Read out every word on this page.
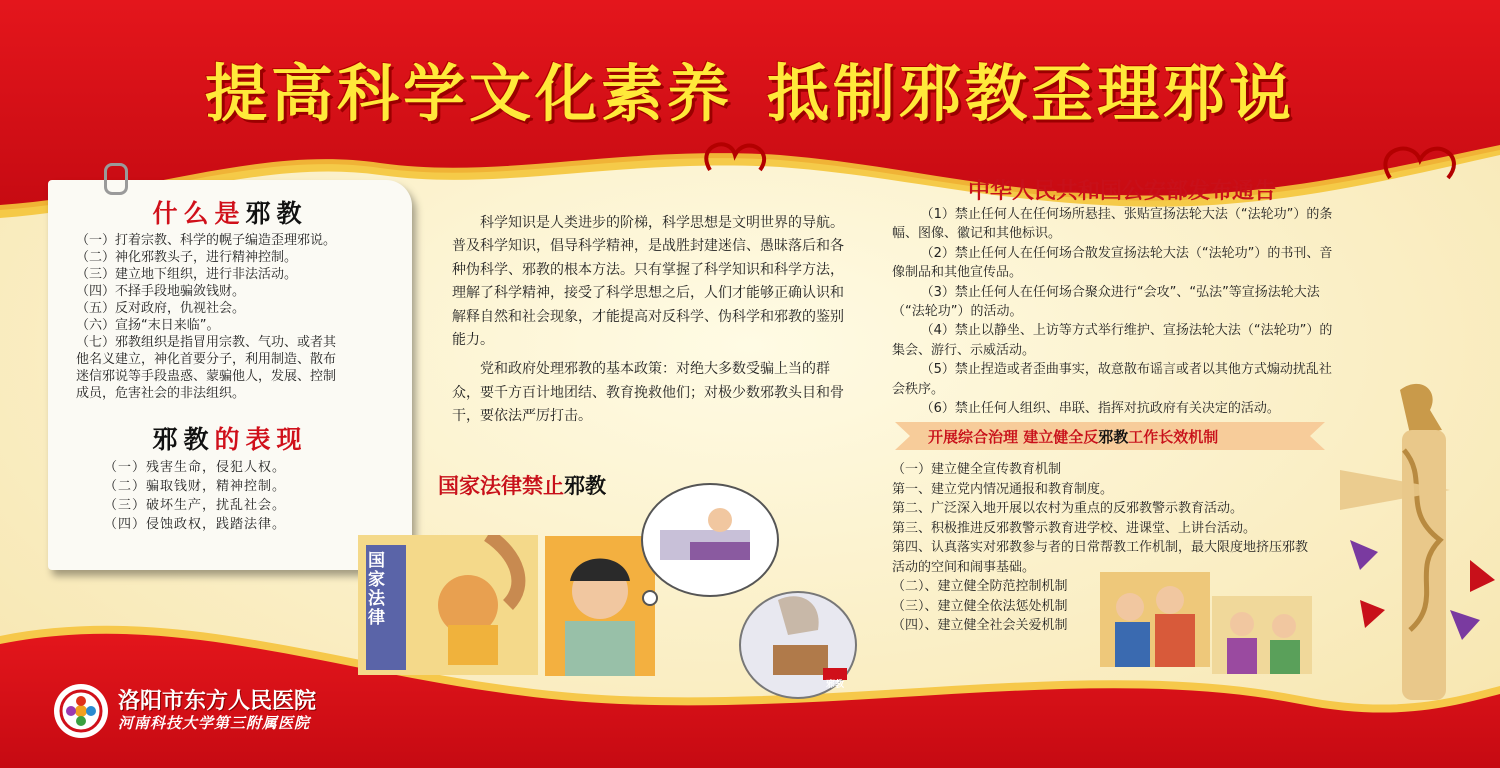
提高科学文化素养 抵制邪教歪理邪说
什么是邪教
（一）打着宗教、科学的幌子编造歪理邪说。
（二）神化邪教头子，进行精神控制。
（三）建立地下组织，进行非法活动。
（四）不择手段地骗敛钱财。
（五）反对政府，仇视社会。
（六）宣扬“末日来临”。
（七）邪教组织是指冒用宗教、气功、或者其
他名义建立，神化首要分子，利用制造、散布
迷信邪说等手段蛊惑、蒙骗他人，发展、控制
成员，危害社会的非法组织。
邪教的表现
（一）残害生命，侵犯人权。
（二）骗取钱财，精神控制。
（三）破坏生产，扰乱社会。
（四）侵蚀政权，践踏法律。

科学知识是人类进步的阶梯，科学思想是文明世界的导航。普及科学知识，倡导科学精神，是战胜封建迷信、愚昧落后和各种伪科学、邪教的根本方法。只有掌握了科学知识和科学方法，理解了科学精神，接受了科学思想之后，人们才能够正确认识和解释自然和社会现象，才能提高对反科学、伪科学和邪教的鉴别能力。

党和政府处理邪教的基本政策：对绝大多数受骗上当的群众，要千方百计地团结、教育挽救他们；对极少数邪教头目和骨干，要依法严厉打击。

国家法律禁止邪教
国家法律
邪教
中华人民共和国公安部发布通告
（1）禁止任何人在任何场所悬挂、张贴宣扬法轮大法（“法轮功”）的条幅、图像、徽记和其他标识。
（2）禁止任何人在任何场合散发宣扬法轮大法（“法轮功”）的书刊、音像制品和其他宣传品。
（3）禁止任何人在任何场合聚众进行“会攻”、“弘法”等宣扬法轮大法（“法轮功”）的活动。
（4）禁止以静坐、上访等方式举行维护、宣扬法轮大法（“法轮功”）的集会、游行、示威活动。
（5）禁止捏造或者歪曲事实，故意散布谣言或者以其他方式煽动扰乱社会秩序。
（6）禁止任何人组织、串联、指挥对抗政府有关决定的活动。
开展综合治理 建立健全反邪教工作长效机制
（一）建立健全宣传教育机制
第一、建立党内情况通报和教育制度。
第二、广泛深入地开展以农村为重点的反邪教警示教育活动。
第三、积极推进反邪教警示教育进学校、进课堂、上讲台活动。
第四、认真落实对邪教参与者的日常帮教工作机制，最大限度地挤压邪教
活动的空间和闹事基础。
（二）、建立健全防范控制机制
（三）、建立健全依法惩处机制
（四）、建立健全社会关爱机制
洛阳市东方人民医院
河南科技大学第三附属医院
